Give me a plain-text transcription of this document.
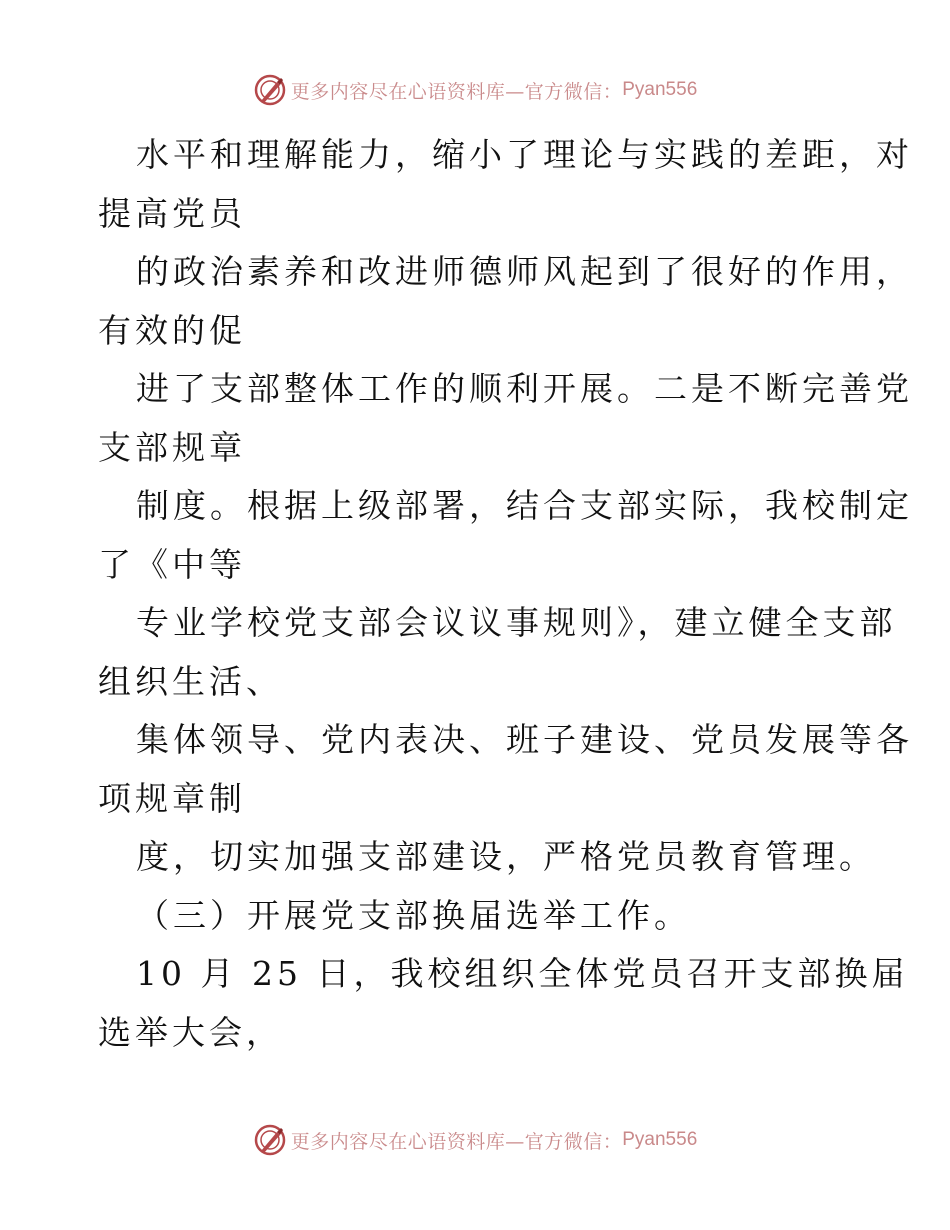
更多内容尽在心语资料库—官方微信： Pyan556
水平和理解能力，缩小了理论与实践的差距，对
提高党员
的政治素养和改进师德师风起到了很好的作用，
有效的促
进了支部整体工作的顺利开展。二是不断完善党
支部规章
制度。根据上级部署，结合支部实际，我校制定
了《中等
专业学校党支部会议议事规则》，建立健全支部
组织生活、
集体领导、党内表决、班子建设、党员发展等各
项规章制
度，切实加强支部建设，严格党员教育管理。
（三）开展党支部换届选举工作。
10 月 25 日，我校组织全体党员召开支部换届
选举大会，
更多内容尽在心语资料库—官方微信： Pyan556
